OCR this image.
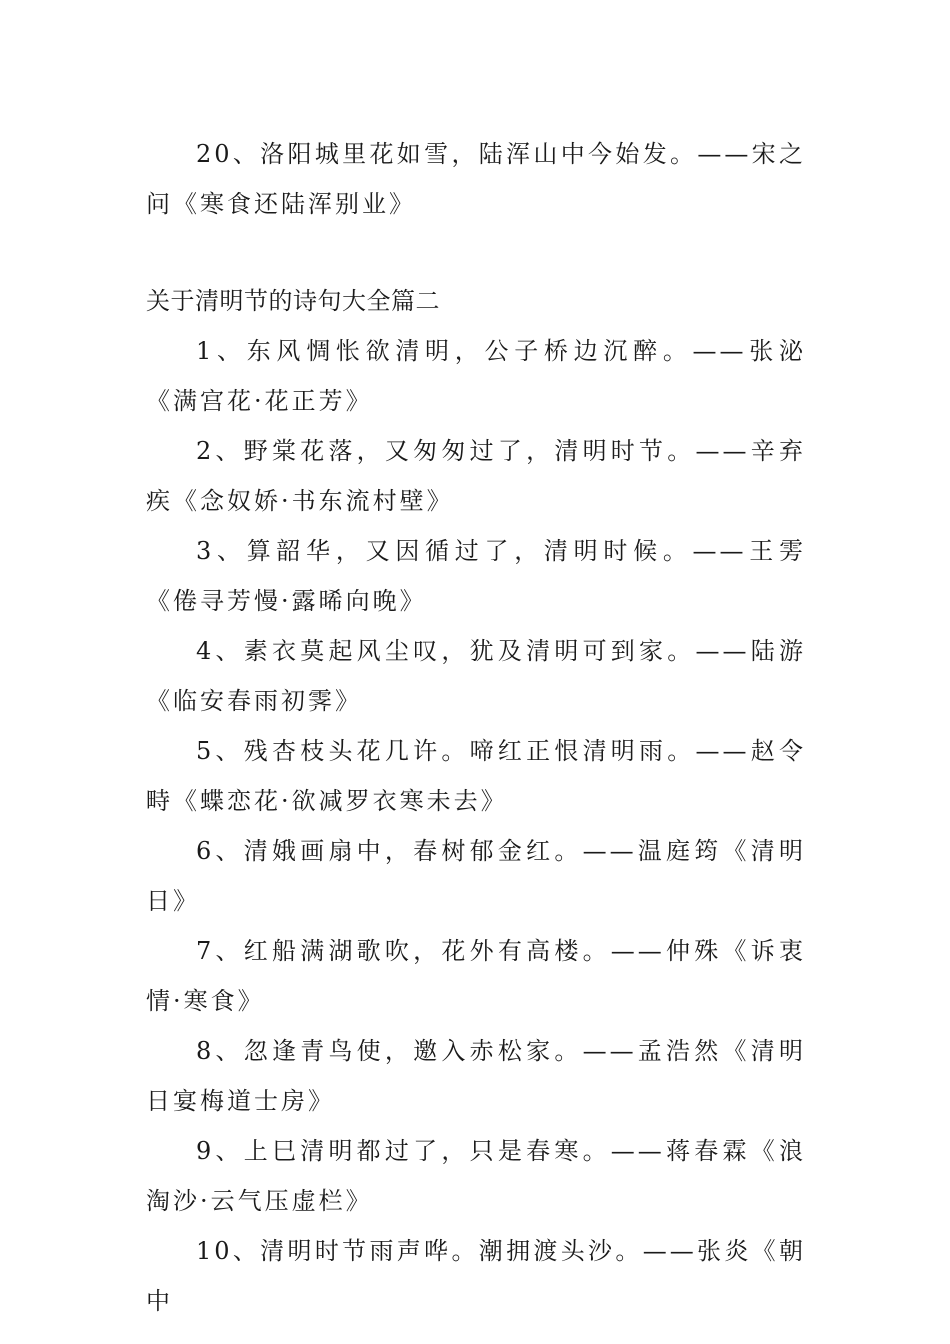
20、洛阳城里花如雪，陆浑山中今始发。——宋之问《寒食还陆浑别业》

关于清明节的诗句大全篇二

1、东风惆怅欲清明，公子桥边沉醉。——张泌《满宫花·花正芳》

2、野棠花落，又匆匆过了，清明时节。——辛弃疾《念奴娇·书东流村壁》

3、算韶华，又因循过了，清明时候。——王雱《倦寻芳慢·露晞向晚》

4、素衣莫起风尘叹，犹及清明可到家。——陆游《临安春雨初霁》

5、残杏枝头花几许。啼红正恨清明雨。——赵令畤《蝶恋花·欲减罗衣寒未去》

6、清娥画扇中，春树郁金红。——温庭筠《清明日》

7、红船满湖歌吹，花外有高楼。——仲殊《诉衷情·寒食》

8、忽逢青鸟使，邀入赤松家。——孟浩然《清明日宴梅道士房》

9、上巳清明都过了，只是春寒。——蒋春霖《浪淘沙·云气压虚栏》

10、清明时节雨声哗。潮拥渡头沙。——张炎《朝中
